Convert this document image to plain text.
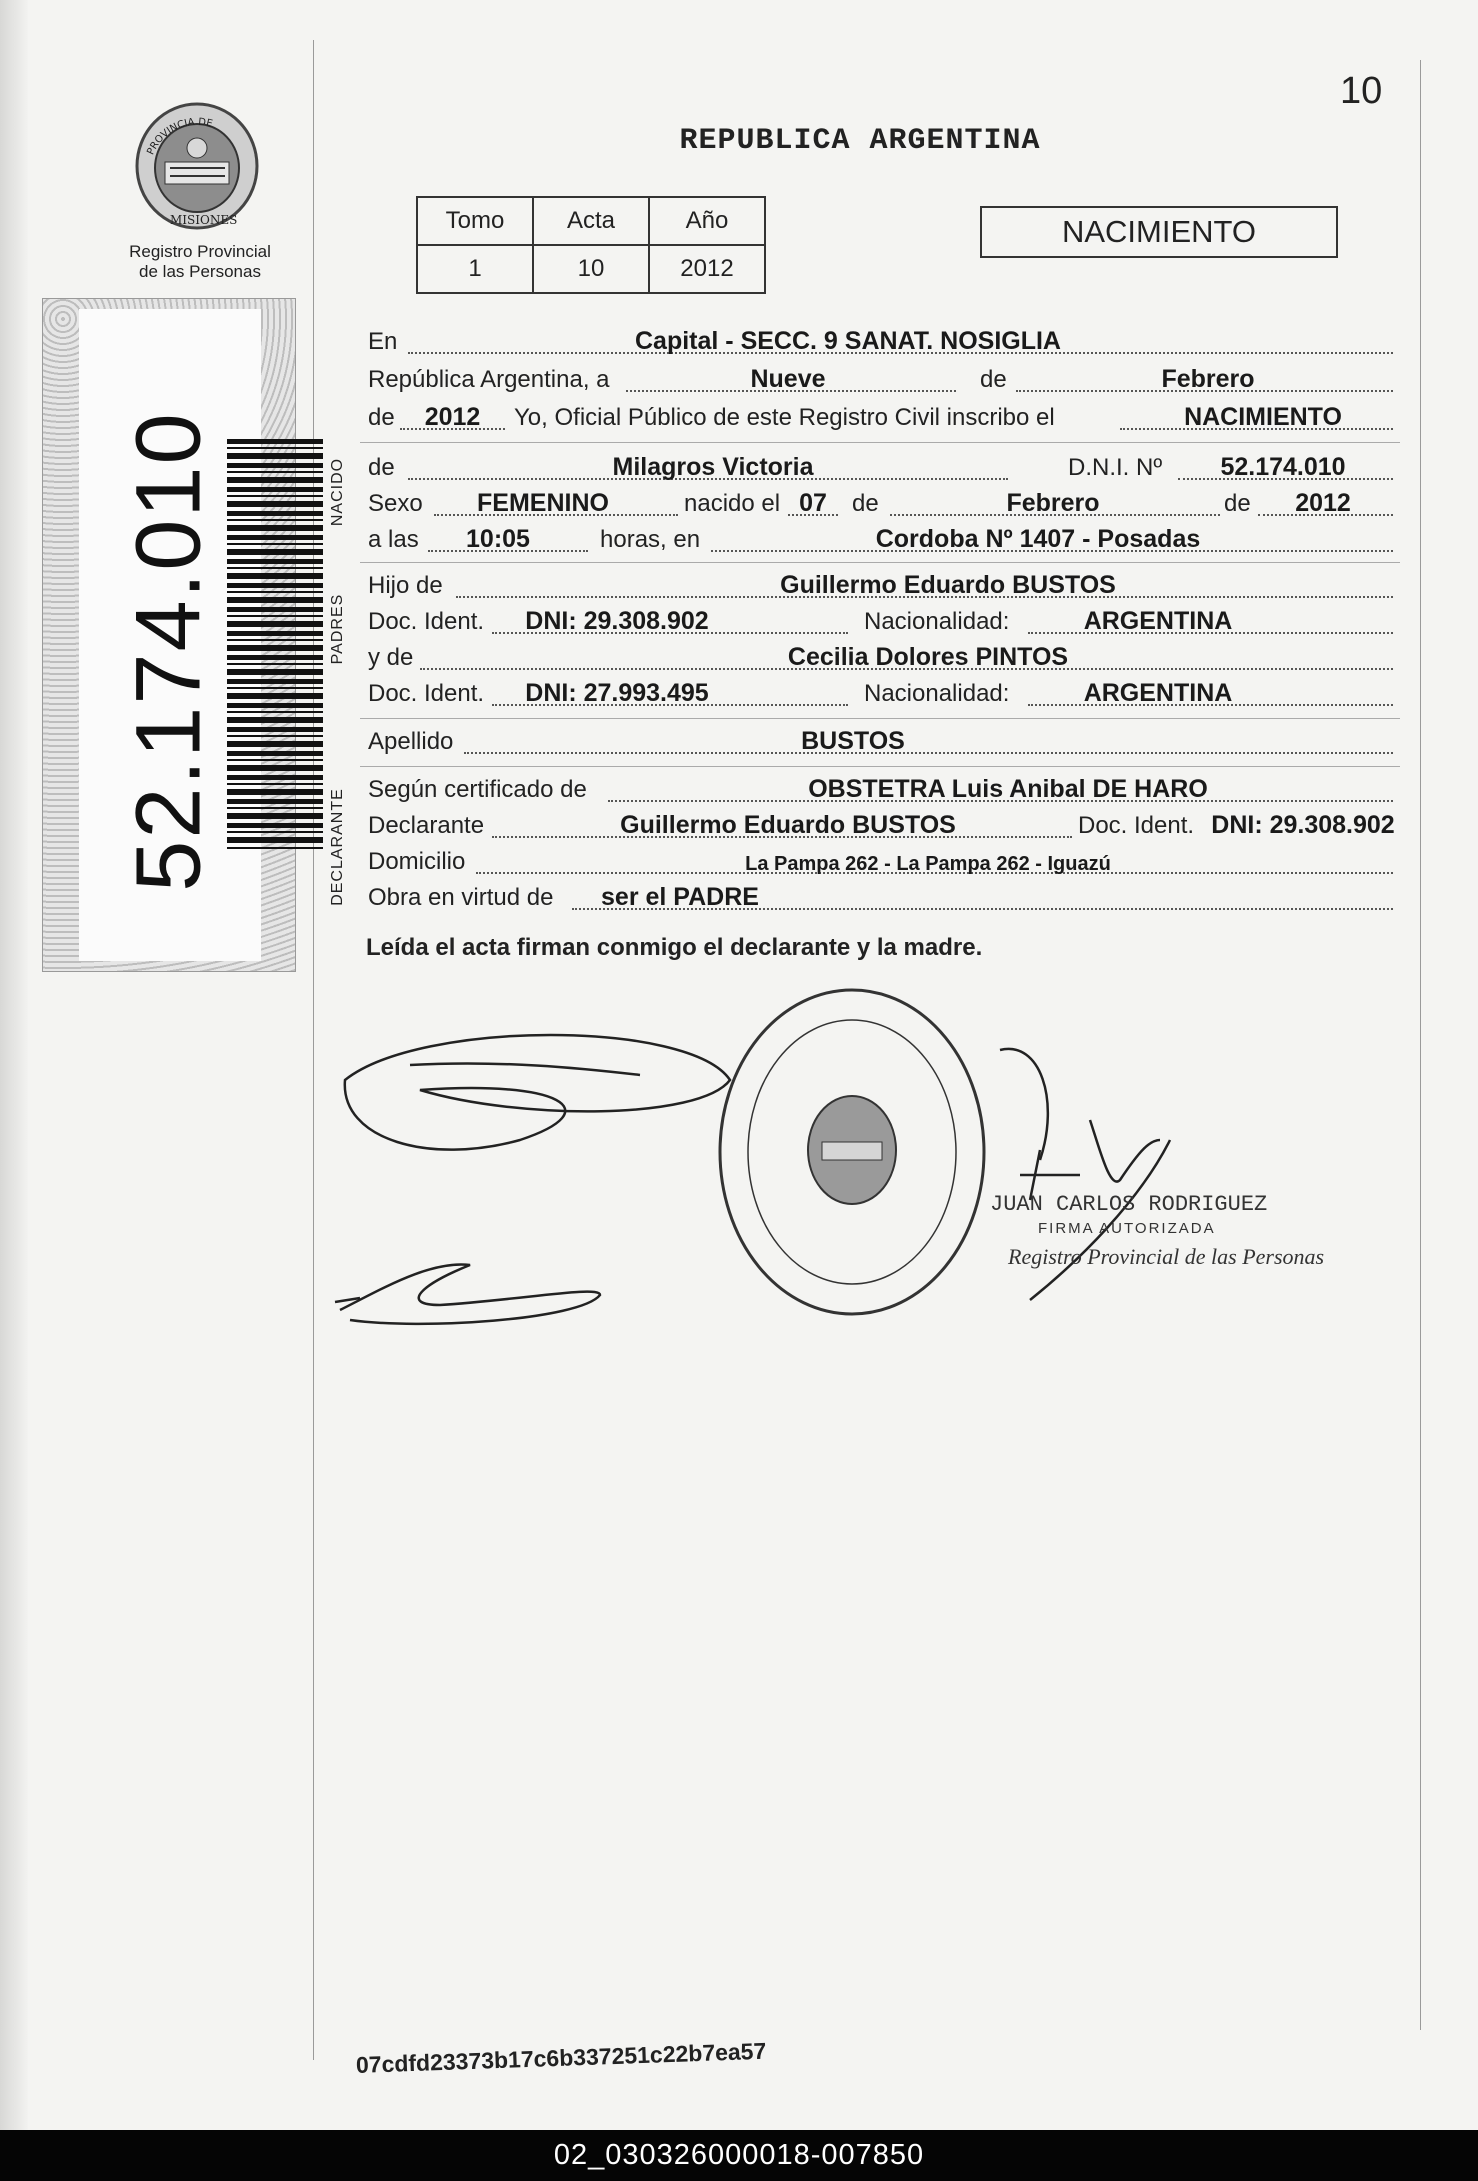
10
REPUBLICA ARGENTINA
Tomo	Acta	Año
1	10	2012
NACIMIENTO
PROVINCIA DE
MISIONES
Registro Provincial
de las Personas
52.174.010	NACIDO
PADRES
DECLARANTE
En	Capital - SECC. 9 SANAT. NOSIGLIA
República Argentina, a	Nueve	de	Febrero
de	2012	Yo, Oficial Público de este Registro Civil inscribo el	NACIMIENTO
de	Milagros Victoria	D.N.I. Nº	52.174.010
Sexo	FEMENINO	nacido el 07	de	Febrero	de	2012
a las	10:05	horas, en	Cordoba Nº 1407 - Posadas
Hijo de	Guillermo Eduardo BUSTOS
Doc. Ident.	DNI: 29.308.902	Nacionalidad:	ARGENTINA
y de	Cecilia Dolores PINTOS
Doc. Ident.	DNI: 27.993.495	Nacionalidad:	ARGENTINA
Apellido	BUSTOS
Según certificado de	OBSTETRA Luis Anibal DE HARO
Declarante	Guillermo Eduardo BUSTOS	Doc. Ident. DNI: 29.308.902
Domicilio	La Pampa 262 - La Pampa 262 - Iguazú
Obra en virtud de ser el PADRE
Leída el acta firman conmigo el declarante y la madre.
JUAN CARLOS RODRIGUEZ
FIRMA AUTORIZADA
Registro Provincial de las Personas
07cdfd23373b17c6b337251c22b7ea57
02_030326000018-007850
